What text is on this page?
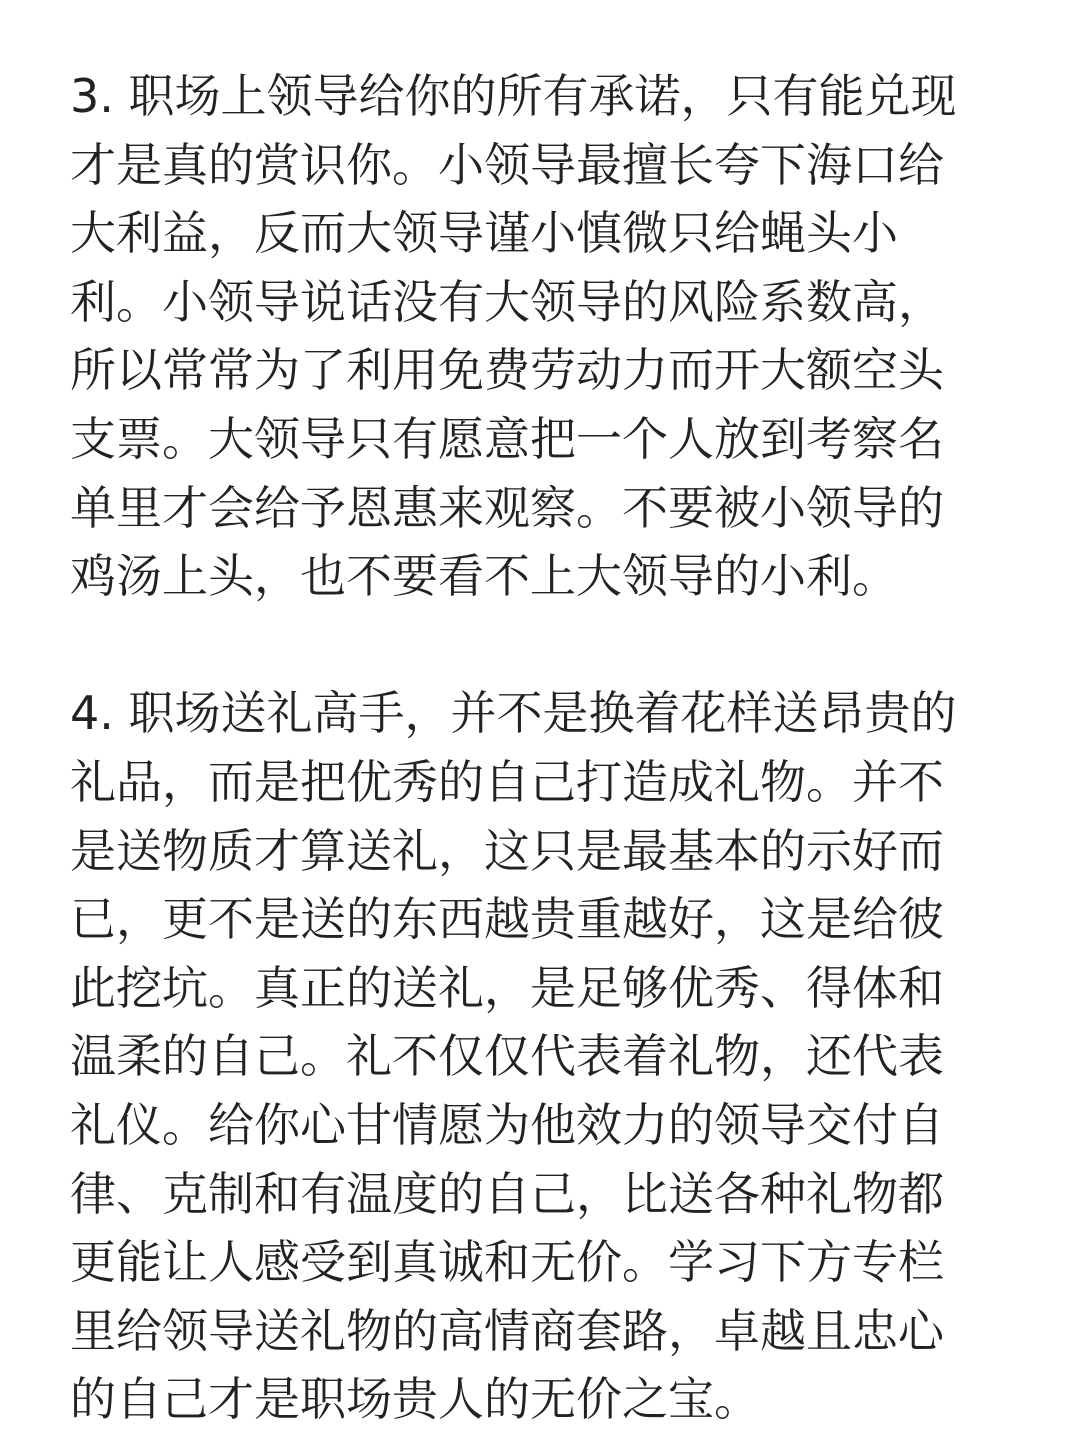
3. 职场上领导给你的所有承诺，只有能兑现
才是真的赏识你。小领导最擅长夸下海口给
大利益，反而大领导谨小慎微只给蝇头小
利。小领导说话没有大领导的风险系数高，
所以常常为了利用免费劳动力而开大额空头
支票。大领导只有愿意把一个人放到考察名
单里才会给予恩惠来观察。不要被小领导的
鸡汤上头，也不要看不上大领导的小利。

4. 职场送礼高手，并不是换着花样送昂贵的
礼品，而是把优秀的自己打造成礼物。并不
是送物质才算送礼，这只是最基本的示好而
已，更不是送的东西越贵重越好，这是给彼
此挖坑。真正的送礼，是足够优秀、得体和
温柔的自己。礼不仅仅代表着礼物，还代表
礼仪。给你心甘情愿为他效力的领导交付自
律、克制和有温度的自己，比送各种礼物都
更能让人感受到真诚和无价。学习下方专栏
里给领导送礼物的高情商套路，卓越且忠心
的自己才是职场贵人的无价之宝。
